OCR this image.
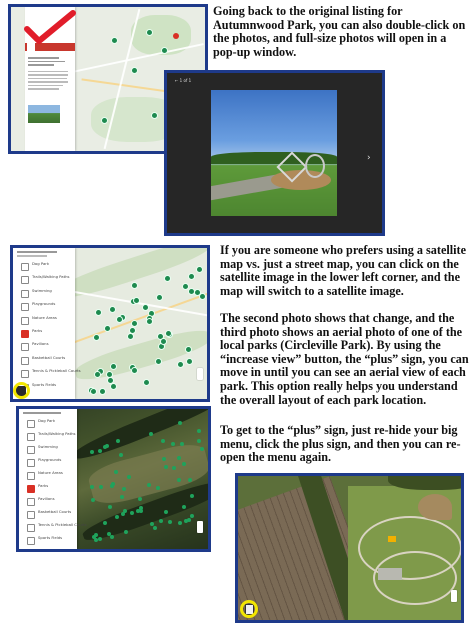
Going back to the original listing for Autumnwood Park, you can also double-click on the photos, and full-size photos will open in a pop-up window.

← 1 of 1
›
Dog Park
Trails/Walking Paths
Swimming
Playgrounds
Nature Areas
Parks
Pavilions
Basketball Courts
Tennis & Pickleball Courts
Sports Fields

If you are someone who prefers using a satellite map vs. just a street map, you can click on the satellite image in the lower left corner, and the map will switch to a satellite image.

The second photo shows that change, and the third photo shows an aerial photo of one of the local parks (Circleville Park). By using the “increase view” button, the “plus” sign, you can move in until you can see an aerial view of each park. This option really helps you understand the overall layout of each park location.

To get to the “plus” sign, just re-hide your big menu, click the plus sign, and then you can re-open the menu again.

Dog Park
Trails/Walking Paths
Swimming
Playgrounds
Nature Areas
Parks
Pavilions
Basketball Courts
Tennis & Pickleball Courts
Sports Fields
